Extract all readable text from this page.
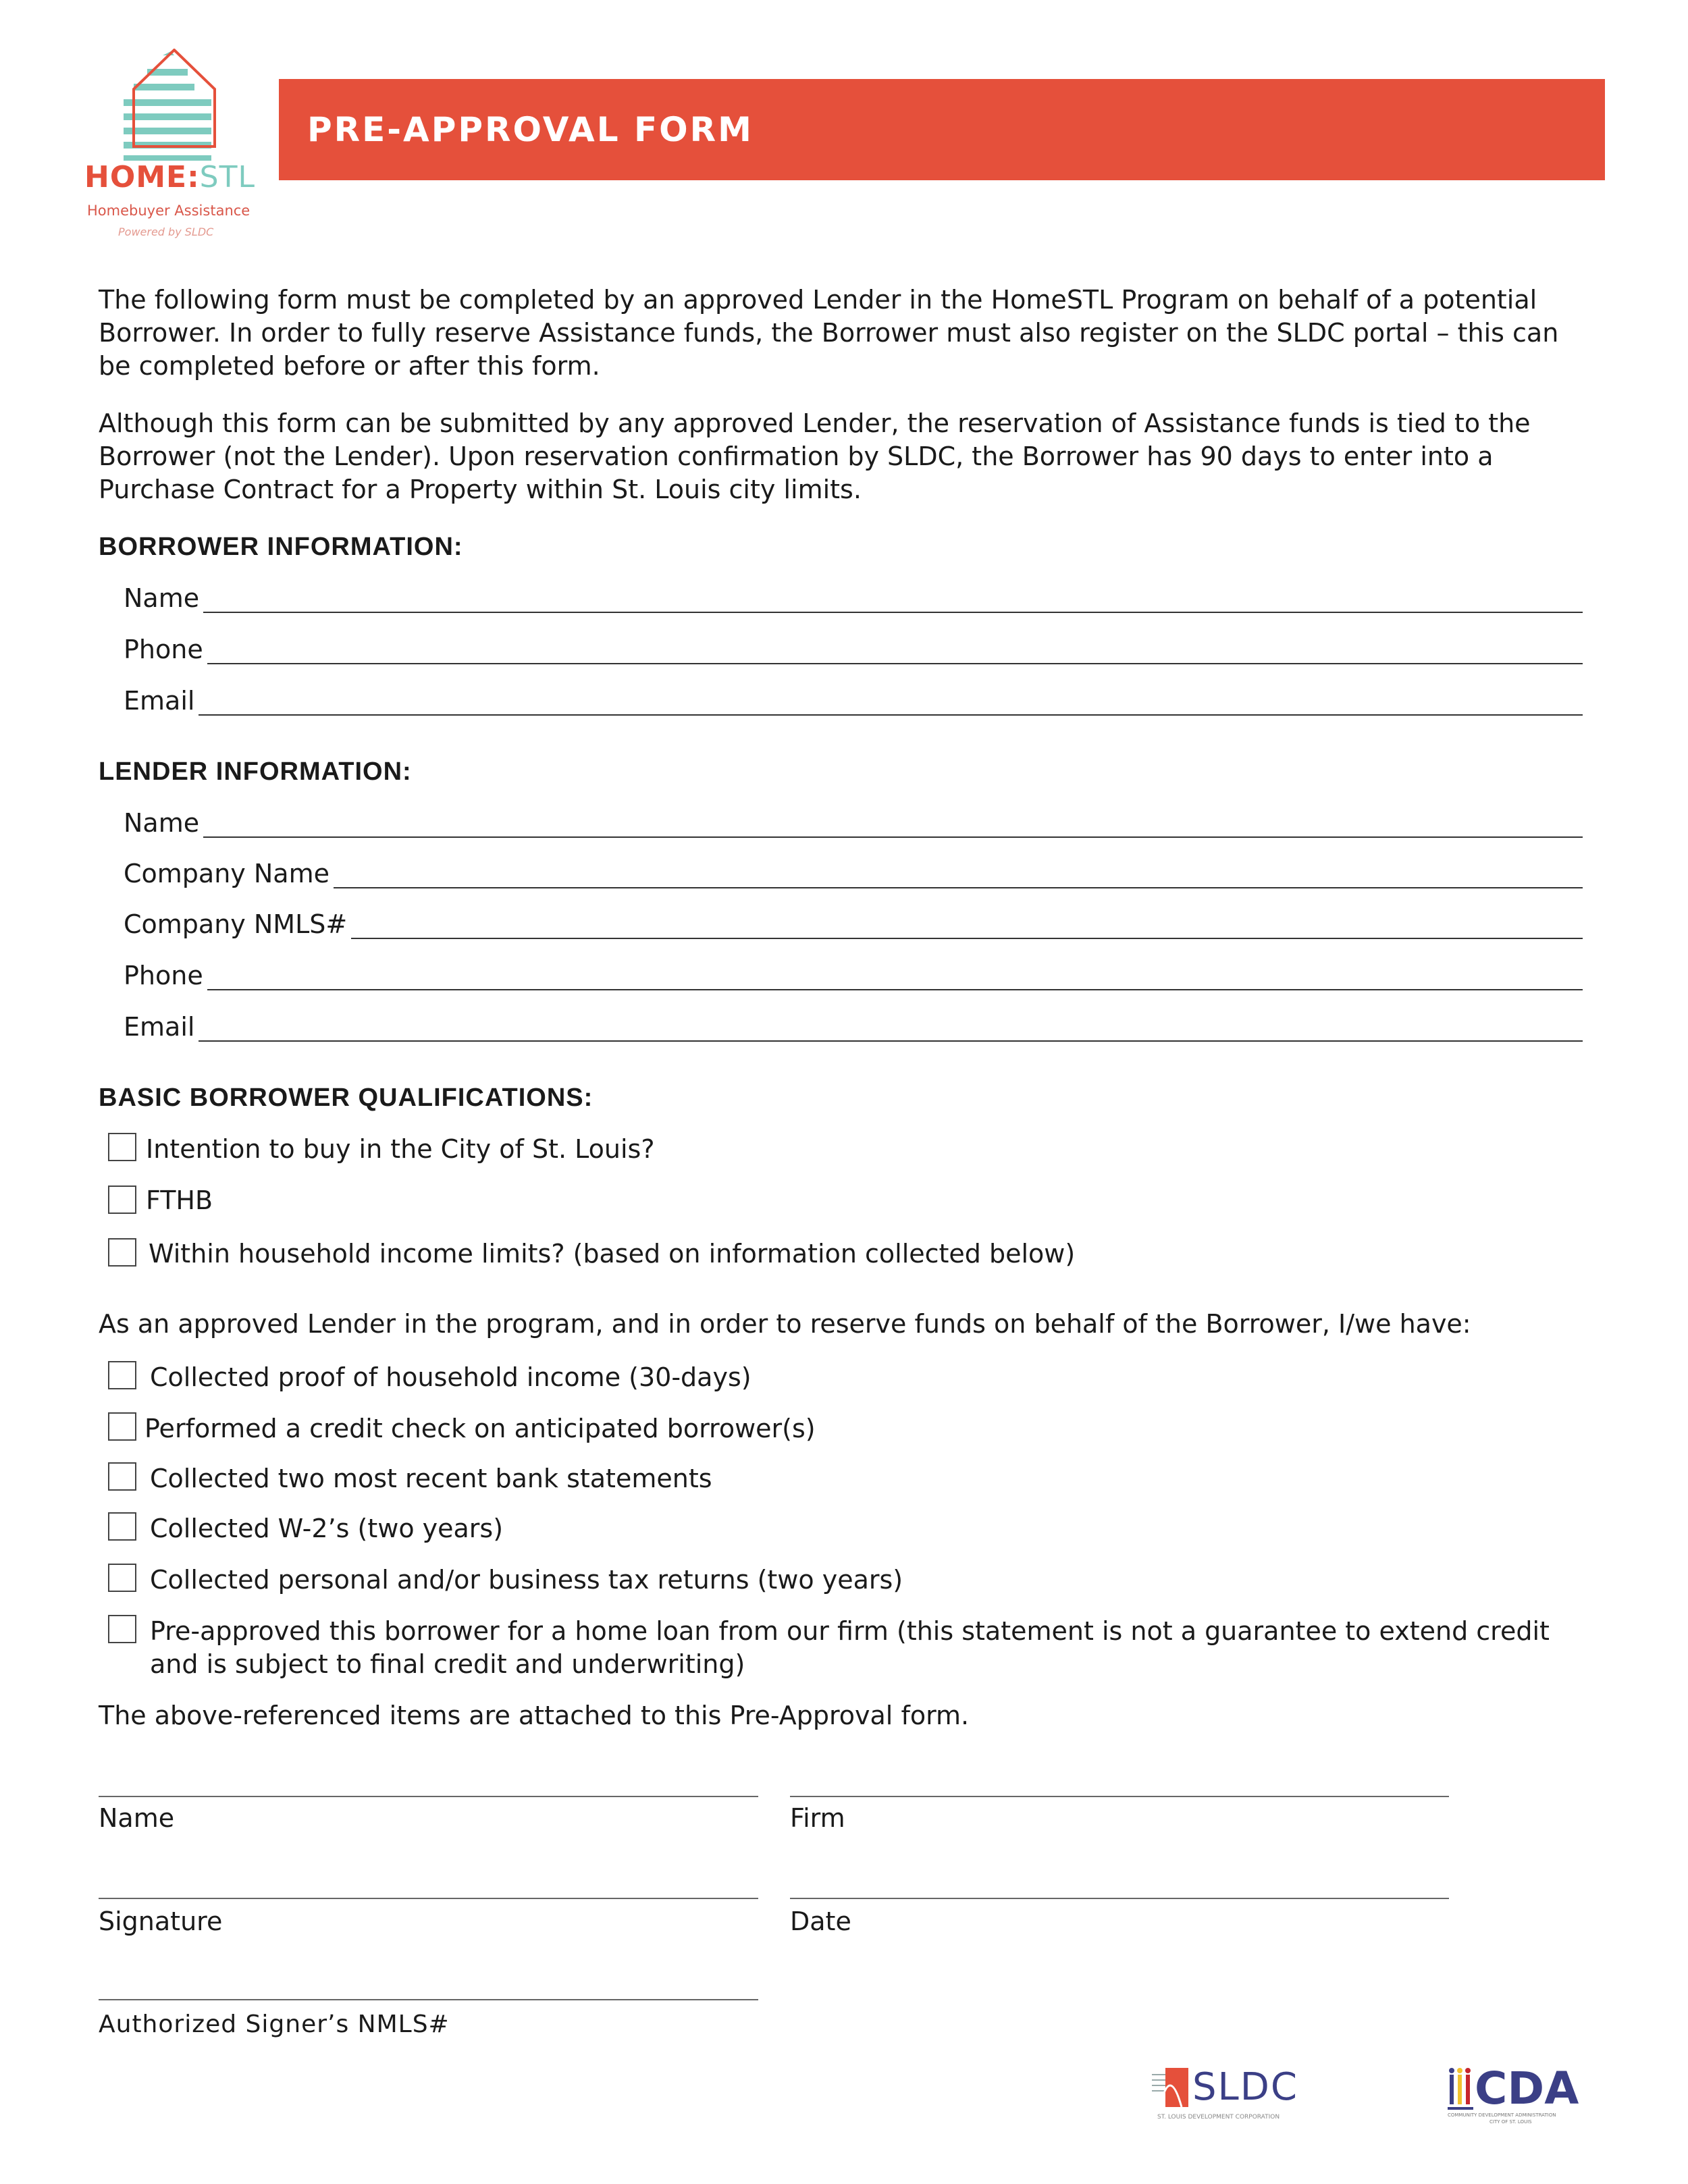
HOME:STL
Homebuyer Assistance
Powered by SLDC
PRE-APPROVAL FORM
The following form must be completed by an approved Lender in the HomeSTL Program on behalf of a potential
Borrower. In order to fully reserve Assistance funds, the Borrower must also register on the SLDC portal – this can
be completed before or after this form.
Although this form can be submitted by any approved Lender, the reservation of Assistance funds is tied to the
Borrower (not the Lender). Upon reservation confirmation by SLDC, the Borrower has 90 days to enter into a
Purchase Contract for a Property within St. Louis city limits.
BORROWER INFORMATION:
Name
Phone
Email
LENDER INFORMATION:
Name
Company Name
Company NMLS#
Phone
Email
BASIC BORROWER QUALIFICATIONS:
Intention to buy in the City of St. Louis?
FTHB
Within household income limits? (based on information collected below)
As an approved Lender in the program, and in order to reserve funds on behalf of the Borrower, I/we have:
Collected proof of household income (30-days)
Performed a credit check on anticipated borrower(s)
Collected two most recent bank statements
Collected W-2’s (two years)
Collected personal and/or business tax returns (two years)
Pre-approved this borrower for a home loan from our firm (this statement is not a guarantee to extend credit
and is subject to final credit and underwriting)
The above-referenced items are attached to this Pre-Approval form.
Name	Firm
Signature	Date
Authorized Signer’s NMLS#
SLDC
ST. LOUIS DEVELOPMENT CORPORATION
CDA
COMMUNITY DEVELOPMENT ADMINISTRATION
CITY OF ST. LOUIS
